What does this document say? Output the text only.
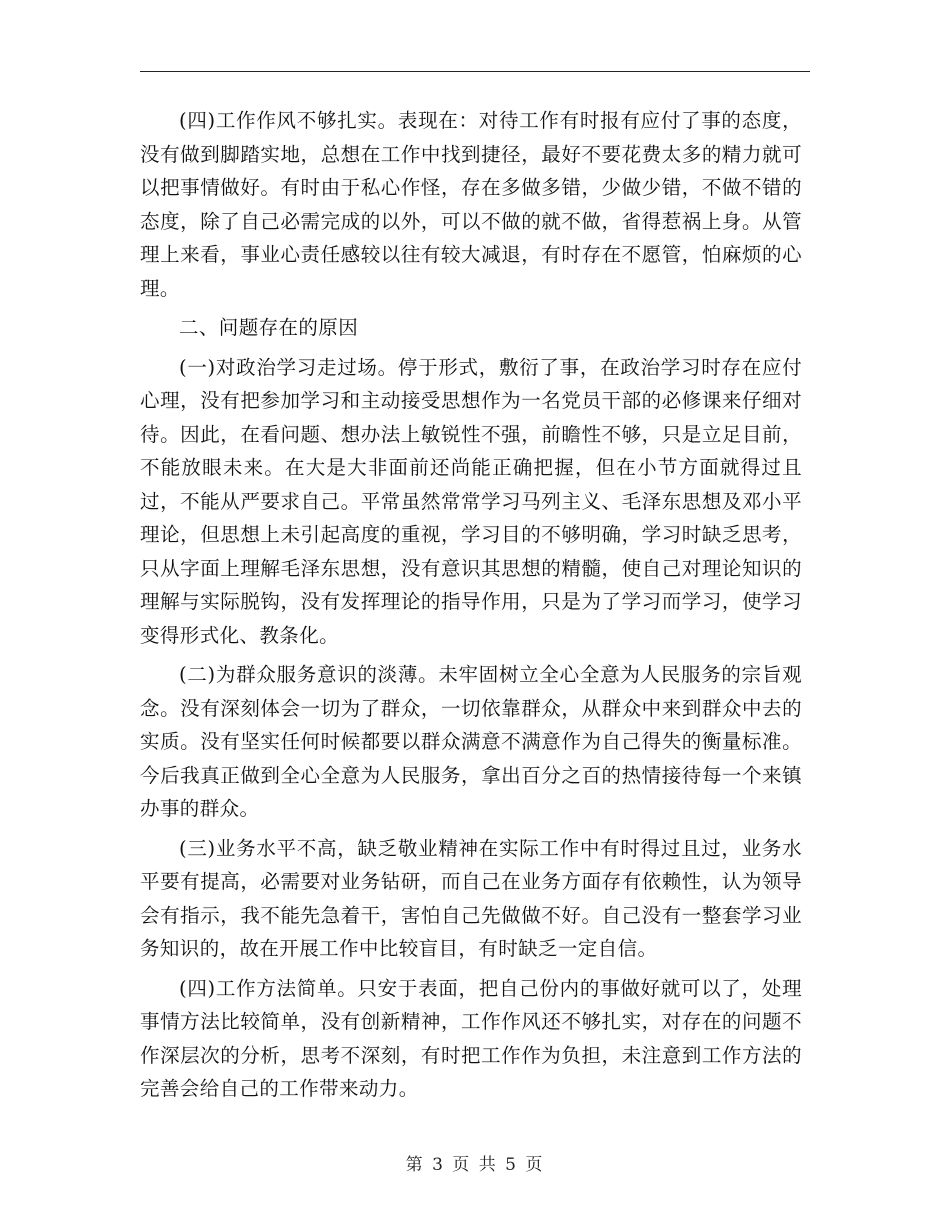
(四)工作作风不够扎实。表现在：对待工作有时报有应付了事的态度，没有做到脚踏实地，总想在工作中找到捷径，最好不要花费太多的精力就可以把事情做好。有时由于私心作怪，存在多做多错，少做少错，不做不错的态度，除了自己必需完成的以外，可以不做的就不做，省得惹祸上身。从管理上来看，事业心责任感较以往有较大减退，有时存在不愿管，怕麻烦的心理。

二、问题存在的原因

(一)对政治学习走过场。停于形式，敷衍了事，在政治学习时存在应付心理，没有把参加学习和主动接受思想作为一名党员干部的必修课来仔细对待。因此，在看问题、想办法上敏锐性不强，前瞻性不够，只是立足目前，不能放眼未来。在大是大非面前还尚能正确把握，但在小节方面就得过且过，不能从严要求自己。平常虽然常常学习马列主义、毛泽东思想及邓小平理论，但思想上未引起高度的重视，学习目的不够明确，学习时缺乏思考，只从字面上理解毛泽东思想，没有意识其思想的精髓，使自己对理论知识的理解与实际脱钩，没有发挥理论的指导作用，只是为了学习而学习，使学习变得形式化、教条化。

(二)为群众服务意识的淡薄。未牢固树立全心全意为人民服务的宗旨观念。没有深刻体会一切为了群众，一切依靠群众，从群众中来到群众中去的实质。没有坚实任何时候都要以群众满意不满意作为自己得失的衡量标准。今后我真正做到全心全意为人民服务，拿出百分之百的热情接待每一个来镇办事的群众。

(三)业务水平不高，缺乏敬业精神在实际工作中有时得过且过，业务水平要有提高，必需要对业务钻研，而自己在业务方面存有依赖性，认为领导会有指示，我不能先急着干，害怕自己先做做不好。自己没有一整套学习业务知识的，故在开展工作中比较盲目，有时缺乏一定自信。

(四)工作方法简单。只安于表面，把自己份内的事做好就可以了，处理事情方法比较简单，没有创新精神，工作作风还不够扎实，对存在的问题不作深层次的分析，思考不深刻，有时把工作作为负担，未注意到工作方法的完善会给自己的工作带来动力。

第 3 页 共 5 页
